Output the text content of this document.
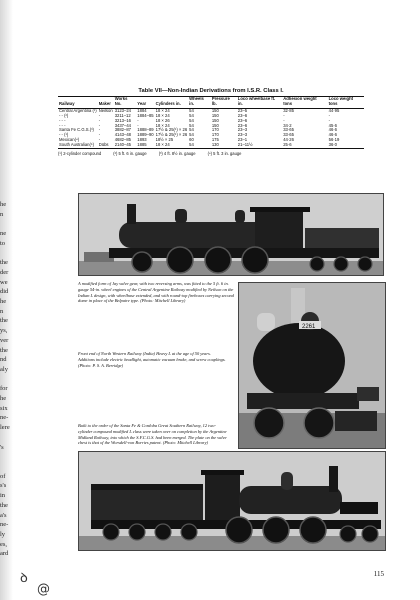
he
n

ne
to

the
der
we
did
he
n
the
ys,
ver
the
nd
aly

for
he
six
ne-
lere

's

of
s's
in
the
a's
ne-
ly
es,
ard
Table VII—Non-Indian Derivations from I.S.R. Class I.
Railway	Maker	Works No.	Year	Cylinders in.	Wheels in.	Pressure lb.	Loco wheelbase ft. in.	Adhesion weight tons	Loco weight tons
Central Argentina (¹)	Neilson	3123–24	1884	18 × 24	54	150	23–5	32·85	44·95
- - (²)	-	3211–12	1884–85	18 × 24	54	150	23–6	-	-
- - -	-	3213–16	-	18 × 26	54	150	23–6	-	-
- - -	-	3437–44	-	18 × 24	54	150	23–6	34·2	45·6
Santa Fe C.G.S.(³)	-	3882–87	1888–89	17½ & 25(¹) × 26	54	170	23–3	33·65	46·6
- - (¹)	-	4143–48	1889–90	17½ & 25(¹) × 26	54	170	23–3	33·65	46·6
Mexican(⁴)	-	4682–85	1893	18½ × 25	60	175	23–1	44·26	56·19
South Australian(⁵)	Dübs	2140–45	1885	18 × 24	54	130	21–11½	25·6	36·0
(¹) 2-cylinder compound	(²) 5 ft. 6 in. gauge	(³) 4 ft. 8½ in. gauge	(⁴) 5 ft. 3 in. gauge
A modified form of Jay valve gear, with two reversing arms, was fitted to the 5 ft. 6 in. gauge 54-in. wheel engines of the Central Argentine Railway modified by Neilson on the Indian L design, with wheelbase extended, and with round-top fireboxes carrying second dome in place of the Belpaire type. (Photo: Mitchell Library)
2261
Front end of North Western Railway (India) Heavy L at the age of 50 years. Additions include electric headlight, automatic vacuum brake, and screw couplings. (Photo: P. S. A. Berridge)
Built to the order of the Santa Fe & Cordoba Great Southern Railway, 12 two-cylinder compound modified L class were taken over on completion by the Argentine Midland Railway, into which the S.F.C.G.S. had been merged. The plate on the valve chest is that of the Worsdell-von Borries patent. (Photo: Mitchell Library)
115
ꝺ
@
